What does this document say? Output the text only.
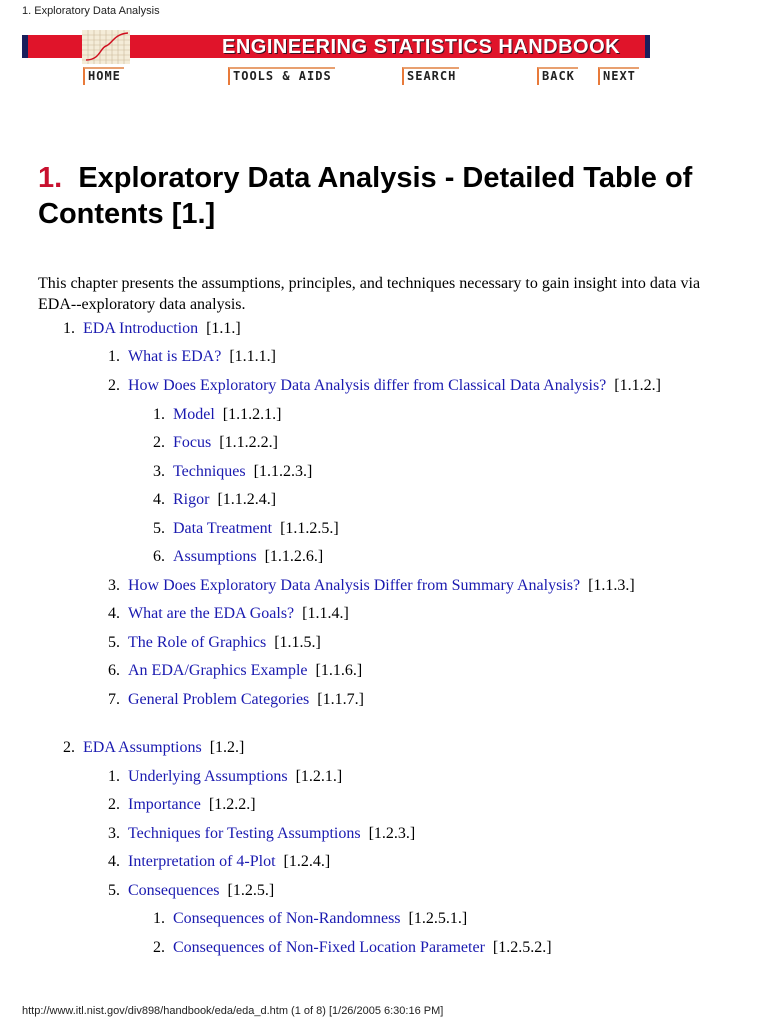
1. Exploratory Data Analysis
ENGINEERING STATISTICS HANDBOOK
HOME	TOOLS & AIDS	SEARCH	BACK	NEXT
1. Exploratory Data Analysis - Detailed Table of Contents [1.]
This chapter presents the assumptions, principles, and techniques necessary to gain insight into data via EDA--exploratory data analysis.
1. EDA Introduction [1.1.]
1. What is EDA? [1.1.1.]
2. How Does Exploratory Data Analysis differ from Classical Data Analysis? [1.1.2.]
1. Model [1.1.2.1.]
2. Focus [1.1.2.2.]
3. Techniques [1.1.2.3.]
4. Rigor [1.1.2.4.]
5. Data Treatment [1.1.2.5.]
6. Assumptions [1.1.2.6.]
3. How Does Exploratory Data Analysis Differ from Summary Analysis? [1.1.3.]
4. What are the EDA Goals? [1.1.4.]
5. The Role of Graphics [1.1.5.]
6. An EDA/Graphics Example [1.1.6.]
7. General Problem Categories [1.1.7.]
2. EDA Assumptions [1.2.]
1. Underlying Assumptions [1.2.1.]
2. Importance [1.2.2.]
3. Techniques for Testing Assumptions [1.2.3.]
4. Interpretation of 4-Plot [1.2.4.]
5. Consequences [1.2.5.]
1. Consequences of Non-Randomness [1.2.5.1.]
2. Consequences of Non-Fixed Location Parameter [1.2.5.2.]
http://www.itl.nist.gov/div898/handbook/eda/eda_d.htm (1 of 8) [1/26/2005 6:30:16 PM]
